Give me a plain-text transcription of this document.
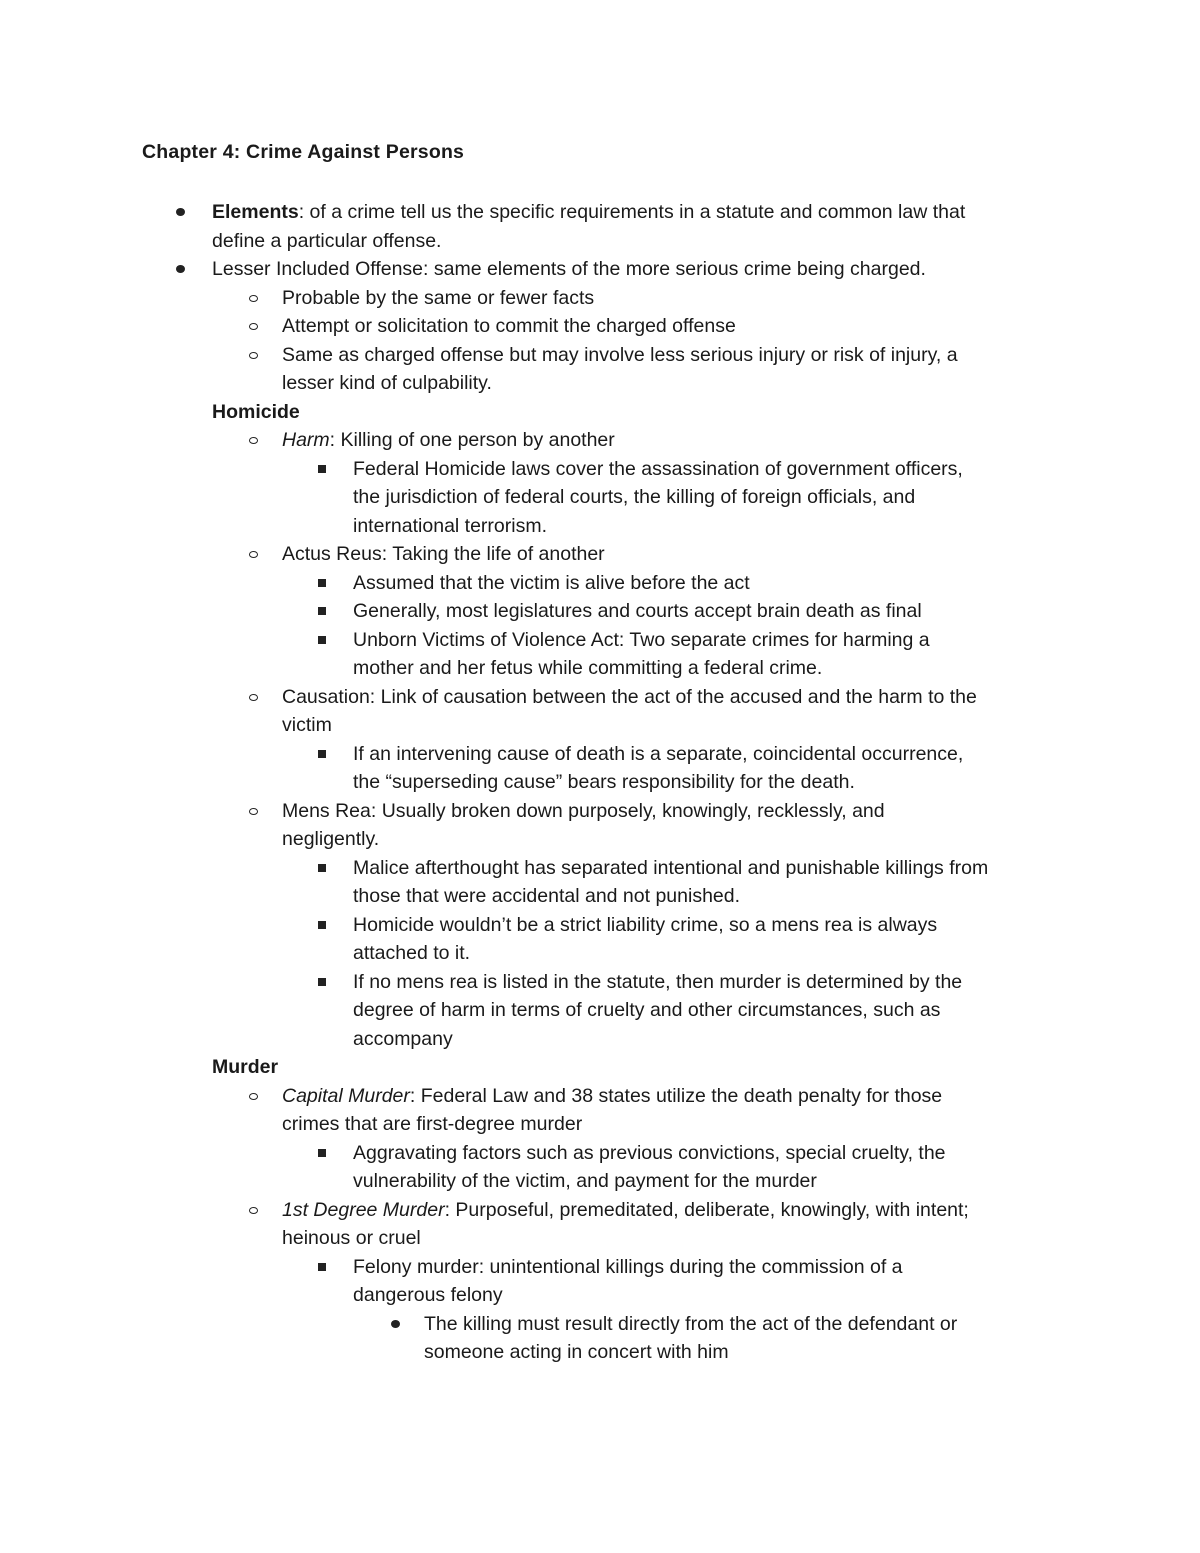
Chapter 4: Crime Against Persons
Elements: of a crime tell us the specific requirements in a statute and common law that
define a particular offense.
Lesser Included Offense: same elements of the more serious crime being charged.
Probable by the same or fewer facts
Attempt or solicitation to commit the charged offense
Same as charged offense but may involve less serious injury or risk of injury, a
lesser kind of culpability.
Homicide
Harm: Killing of one person by another
Federal Homicide laws cover the assassination of government officers,
the jurisdiction of federal courts, the killing of foreign officials, and
international terrorism.
Actus Reus: Taking the life of another
Assumed that the victim is alive before the act
Generally, most legislatures and courts accept brain death as final
Unborn Victims of Violence Act: Two separate crimes for harming a
mother and her fetus while committing a federal crime.
Causation: Link of causation between the act of the accused and the harm to the
victim
If an intervening cause of death is a separate, coincidental occurrence,
the “superseding cause” bears responsibility for the death.
Mens Rea: Usually broken down purposely, knowingly, recklessly, and
negligently.
Malice afterthought has separated intentional and punishable killings from
those that were accidental and not punished.
Homicide wouldn’t be a strict liability crime, so a mens rea is always
attached to it.
If no mens rea is listed in the statute, then murder is determined by the
degree of harm in terms of cruelty and other circumstances, such as
accompany
Murder
Capital Murder: Federal Law and 38 states utilize the death penalty for those
crimes that are first-degree murder
Aggravating factors such as previous convictions, special cruelty, the
vulnerability of the victim, and payment for the murder
1st Degree Murder: Purposeful, premeditated, deliberate, knowingly, with intent;
heinous or cruel
Felony murder: unintentional killings during the commission of a
dangerous felony
The killing must result directly from the act of the defendant or
someone acting in concert with him
